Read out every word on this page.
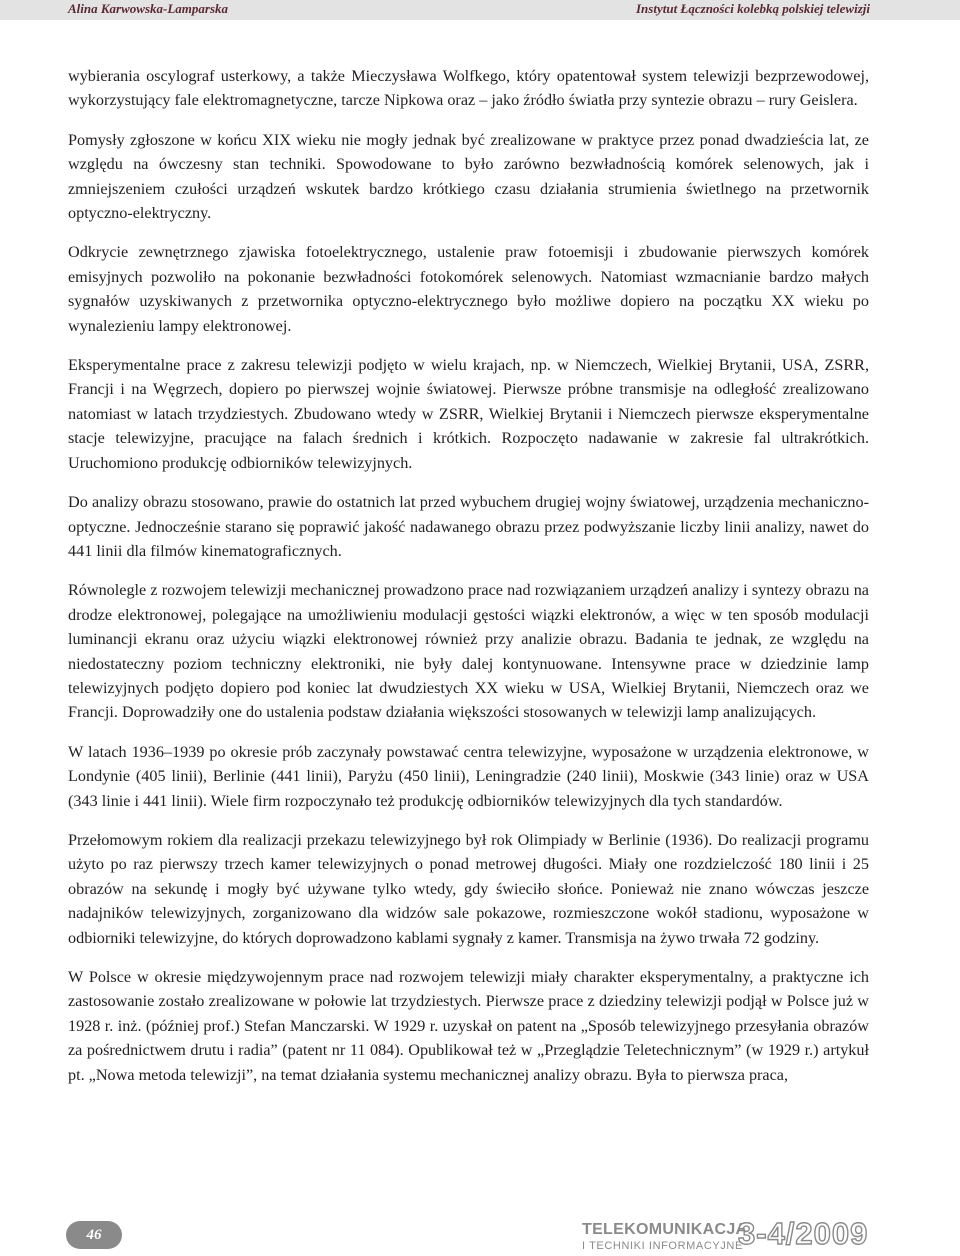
Alina Karwowska-Lamparska	Instytut Łączności kolebką polskiej telewizji

wybierania oscylograf usterkowy, a także Mieczysława Wolfkego, który opatentował system telewizji bezprzewodowej, wykorzystujący fale elektromagnetyczne, tarcze Nipkowa oraz – jako źródło światła przy syntezie obrazu – rury Geislera.

Pomysły zgłoszone w końcu XIX wieku nie mogły jednak być zrealizowane w praktyce przez ponad dwadzieścia lat, ze względu na ówczesny stan techniki. Spowodowane to było zarówno bezwładnością komórek selenowych, jak i zmniejszeniem czułości urządzeń wskutek bardzo krótkiego czasu działania strumienia świetlnego na przetwornik optyczno-elektryczny.

Odkrycie zewnętrznego zjawiska fotoelektrycznego, ustalenie praw fotoemisji i zbudowanie pierwszych komórek emisyjnych pozwoliło na pokonanie bezwładności fotokomórek selenowych. Natomiast wzmacnianie bardzo małych sygnałów uzyskiwanych z przetwornika optyczno-elektrycznego było możliwe dopiero na początku XX wieku po wynalezieniu lampy elektronowej.

Eksperymentalne prace z zakresu telewizji podjęto w wielu krajach, np. w Niemczech, Wielkiej Brytanii, USA, ZSRR, Francji i na Węgrzech, dopiero po pierwszej wojnie światowej. Pierwsze próbne transmisje na odległość zrealizowano natomiast w latach trzydziestych. Zbudowano wtedy w ZSRR, Wielkiej Brytanii i Niemczech pierwsze eksperymentalne stacje telewizyjne, pracujące na falach średnich i krótkich. Rozpoczęto nadawanie w zakresie fal ultrakrótkich. Uruchomiono produkcję odbiorników telewizyjnych.

Do analizy obrazu stosowano, prawie do ostatnich lat przed wybuchem drugiej wojny światowej, urządzenia mechaniczno-optyczne. Jednocześnie starano się poprawić jakość nadawanego obrazu przez podwyższanie liczby linii analizy, nawet do 441 linii dla filmów kinematograficznych.

Równolegle z rozwojem telewizji mechanicznej prowadzono prace nad rozwiązaniem urządzeń analizy i syntezy obrazu na drodze elektronowej, polegające na umożliwieniu modulacji gęstości wiązki elektronów, a więc w ten sposób modulacji luminancji ekranu oraz użyciu wiązki elektronowej również przy analizie obrazu. Badania te jednak, ze względu na niedostateczny poziom techniczny elektroniki, nie były dalej kontynuowane. Intensywne prace w dziedzinie lamp telewizyjnych podjęto dopiero pod koniec lat dwudziestych XX wieku w USA, Wielkiej Brytanii, Niemczech oraz we Francji. Doprowadziły one do ustalenia podstaw działania większości stosowanych w telewizji lamp analizujących.

W latach 1936–1939 po okresie prób zaczynały powstawać centra telewizyjne, wyposażone w urządzenia elektronowe, w Londynie (405 linii), Berlinie (441 linii), Paryżu (450 linii), Leningradzie (240 linii), Moskwie (343 linie) oraz w USA (343 linie i 441 linii). Wiele firm rozpoczynało też produkcję odbiorników telewizyjnych dla tych standardów.

Przełomowym rokiem dla realizacji przekazu telewizyjnego był rok Olimpiady w Berlinie (1936). Do realizacji programu użyto po raz pierwszy trzech kamer telewizyjnych o ponad metrowej długości. Miały one rozdzielczość 180 linii i 25 obrazów na sekundę i mogły być używane tylko wtedy, gdy świeciło słońce. Ponieważ nie znano wówczas jeszcze nadajników telewizyjnych, zorganizowano dla widzów sale pokazowe, rozmieszczone wokół stadionu, wyposażone w odbiorniki telewizyjne, do których doprowadzono kablami sygnały z kamer. Transmisja na żywo trwała 72 godziny.

W Polsce w okresie międzywojennym prace nad rozwojem telewizji miały charakter eksperymentalny, a praktyczne ich zastosowanie zostało zrealizowane w połowie lat trzydziestych. Pierwsze prace z dziedziny telewizji podjął w Polsce już w 1928 r. inż. (później prof.) Stefan Manczarski. W 1929 r. uzyskał on patent na „Sposób telewizyjnego przesyłania obrazów za pośrednictwem drutu i radia” (patent nr 11 084). Opublikował też w „Przeglądzie Teletechnicznym” (w 1929 r.) artykuł pt. „Nowa metoda telewizji”, na temat działania systemu mechanicznej analizy obrazu. Była to pierwsza praca,

46	TELEKOMUNIKACJA
I TECHNIKI INFORMACYJNE
3-4/2009
